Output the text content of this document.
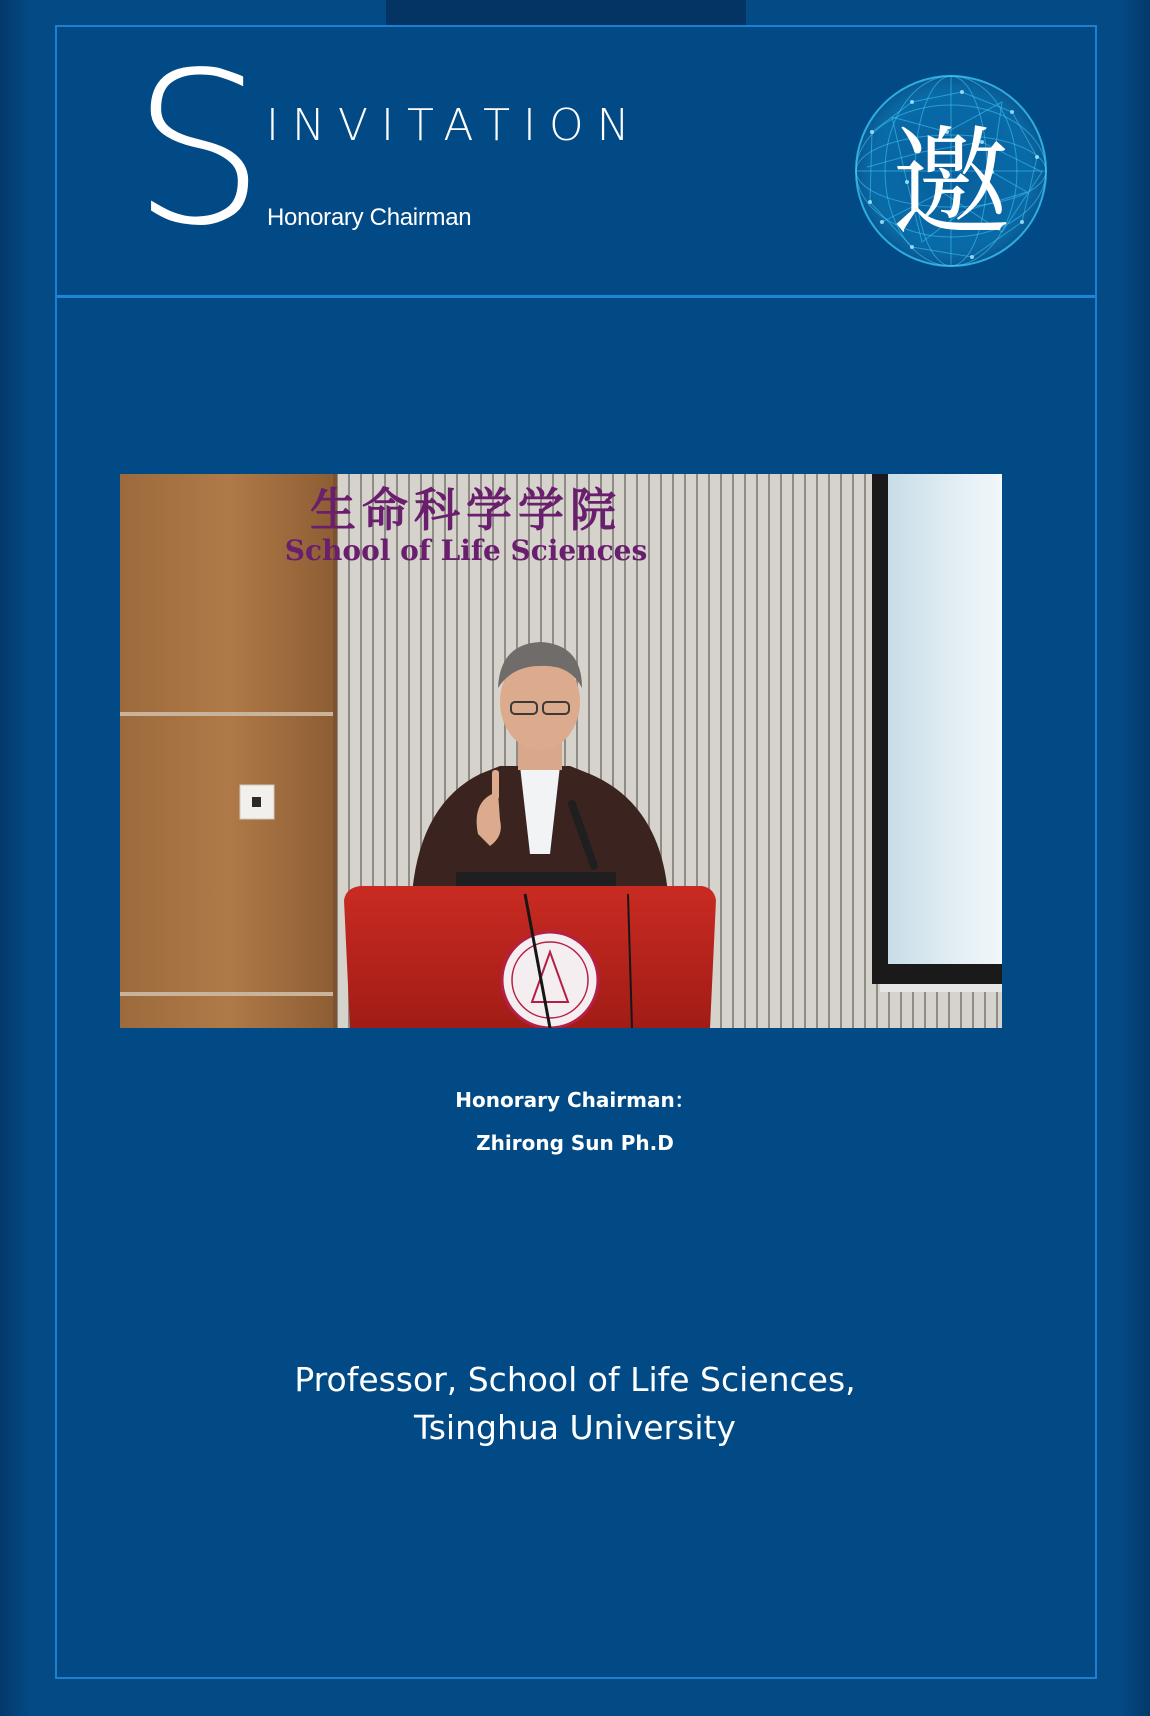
S INVITATION
Honorary Chairman	邀
生命科学学院
School of Life Sciences
Honorary Chairman：
Zhirong Sun Ph.D
Professor, School of Life Sciences,
Tsinghua University
